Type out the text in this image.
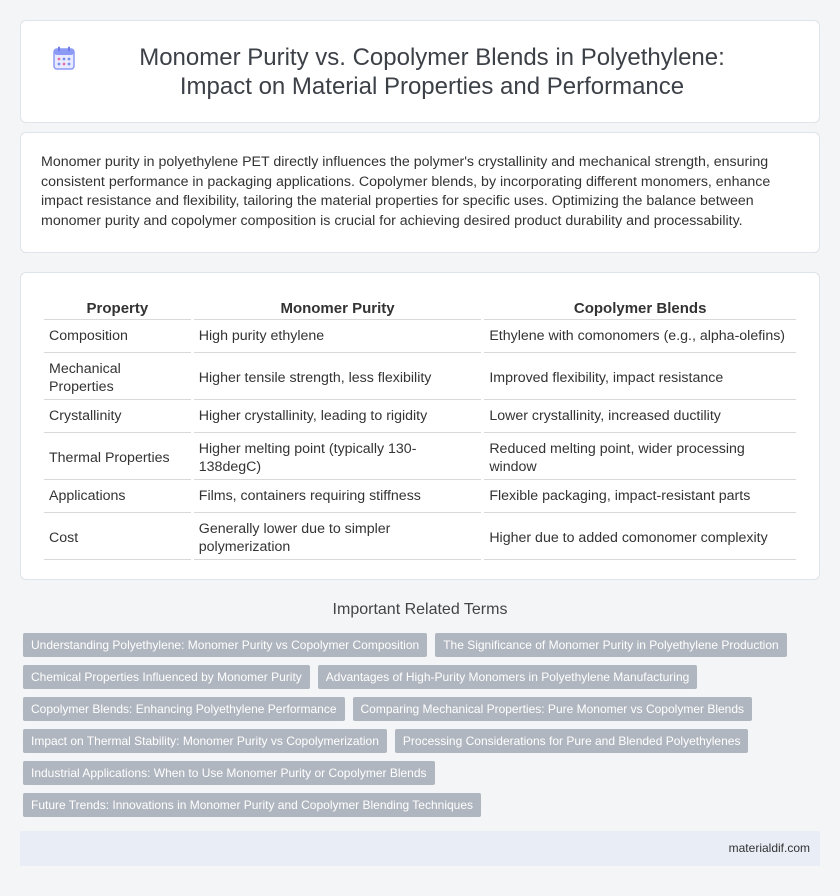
Monomer Purity vs. Copolymer Blends in Polyethylene: Impact on Material Properties and Performance

Monomer purity in polyethylene PET directly influences the polymer's crystallinity and mechanical strength, ensuring consistent performance in packaging applications. Copolymer blends, by incorporating different monomers, enhance impact resistance and flexibility, tailoring the material properties for specific uses. Optimizing the balance between monomer purity and copolymer composition is crucial for achieving desired product durability and processability.

Property	Monomer Purity	Copolymer Blends
Composition	High purity ethylene	Ethylene with comonomers (e.g., alpha-olefins)
Mechanical Properties	Higher tensile strength, less flexibility	Improved flexibility, impact resistance
Crystallinity	Higher crystallinity, leading to rigidity	Lower crystallinity, increased ductility
Thermal Properties	Higher melting point (typically 130-138degC)	Reduced melting point, wider processing window
Applications	Films, containers requiring stiffness	Flexible packaging, impact-resistant parts
Cost	Generally lower due to simpler polymerization	Higher due to added comonomer complexity
Important Related Terms
Understanding Polyethylene: Monomer Purity vs Copolymer Composition	The Significance of Monomer Purity in Polyethylene Production
Chemical Properties Influenced by Monomer Purity	Advantages of High-Purity Monomers in Polyethylene Manufacturing
Copolymer Blends: Enhancing Polyethylene Performance	Comparing Mechanical Properties: Pure Monomer vs Copolymer Blends
Impact on Thermal Stability: Monomer Purity vs Copolymerization	Processing Considerations for Pure and Blended Polyethylenes
Industrial Applications: When to Use Monomer Purity or Copolymer Blends
Future Trends: Innovations in Monomer Purity and Copolymer Blending Techniques
materialdif.com
